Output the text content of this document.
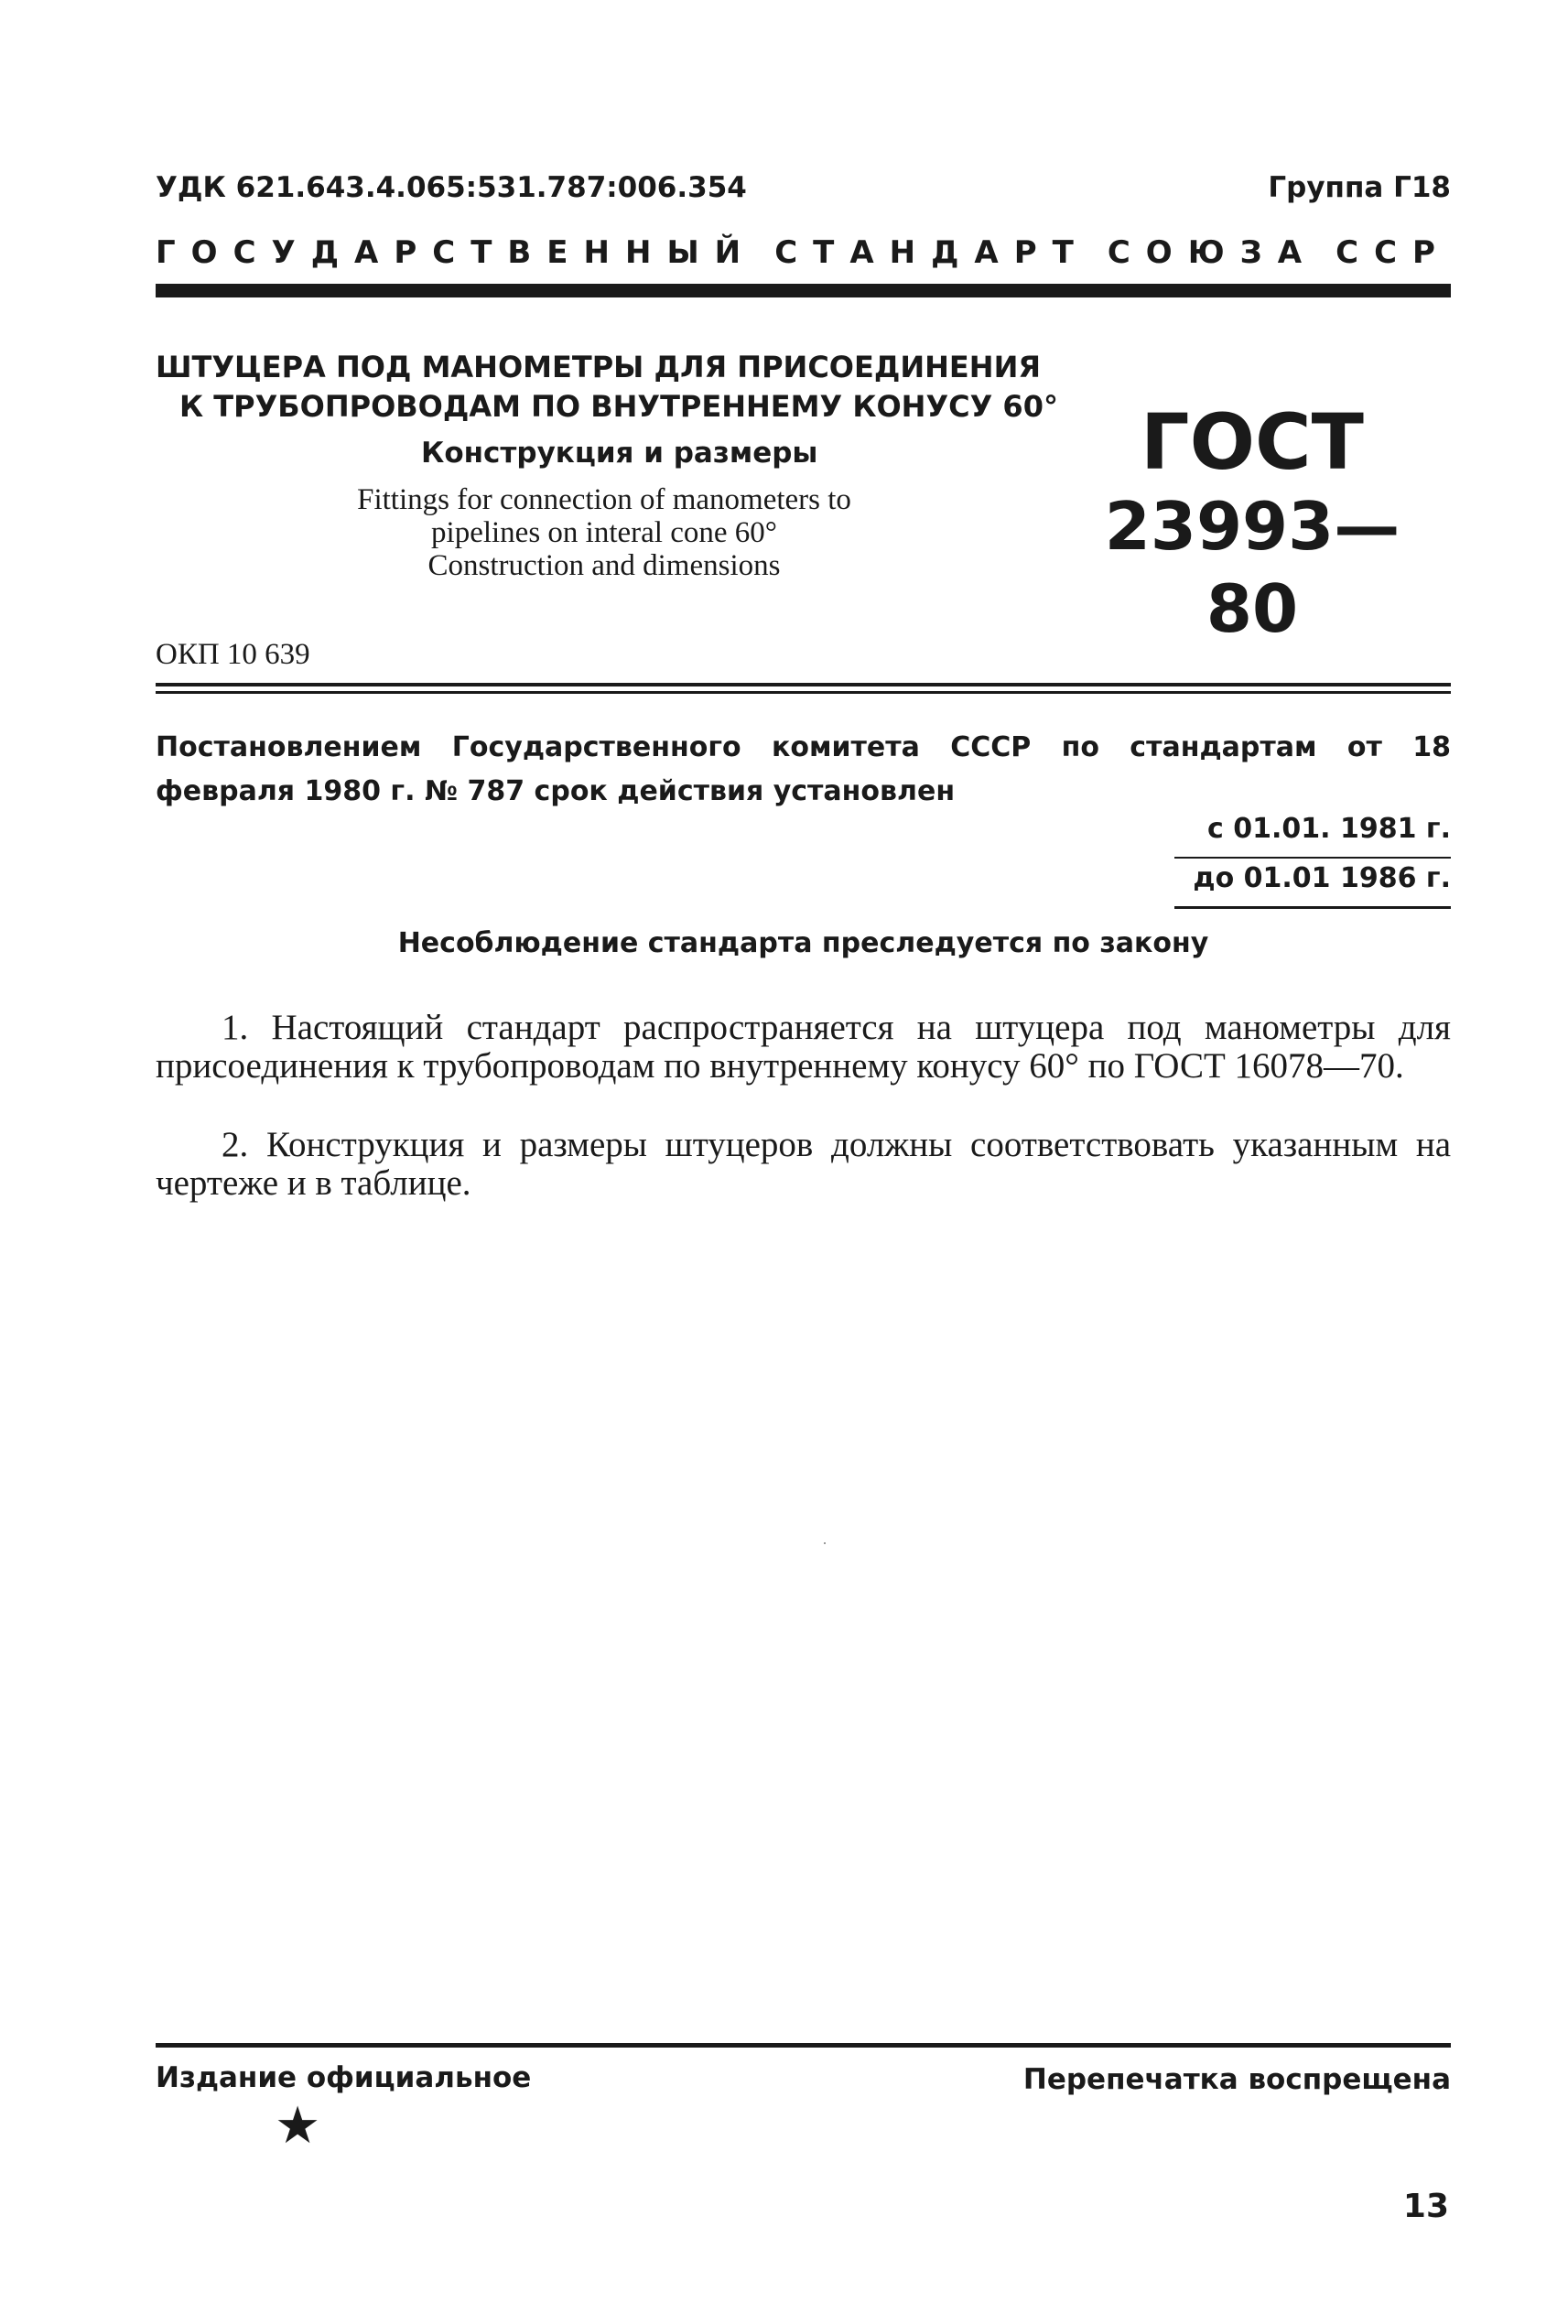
УДК 621.643.4.065:531.787:006.354	Группа Г18
ГОСУДАРСТВЕННЫЙ СТАНДАРТ СОЮЗА ССР
ШТУЦЕРА ПОД МАНОМЕТРЫ ДЛЯ ПРИСОЕДИНЕНИЯ
К ТРУБОПРОВОДАМ ПО ВНУТРЕННЕМУ КОНУСУ 60°
Конструкция и размеры
Fittings for connection of manometers to
pipelines on interal cone 60°
Construction and dimensions
ГОСТ
23993—80
ОКП 10 639
Постановлением Государственного комитета СССР по стандартам от 18 февраля 1980 г. № 787 срок действия установлен
с 01.01. 1981 г.
до 01.01 1986 г.
Несоблюдение стандарта преследуется по закону

1. Настоящий стандарт распространяется на штуцера под манометры для присоединения к трубопроводам по внутреннему конусу 60° по ГОСТ 16078—70.

2. Конструкция и размеры штуцеров должны соответствовать указанным на чертеже и в таблице.

Издание официальное	Перепечатка воспрещена
★
13
